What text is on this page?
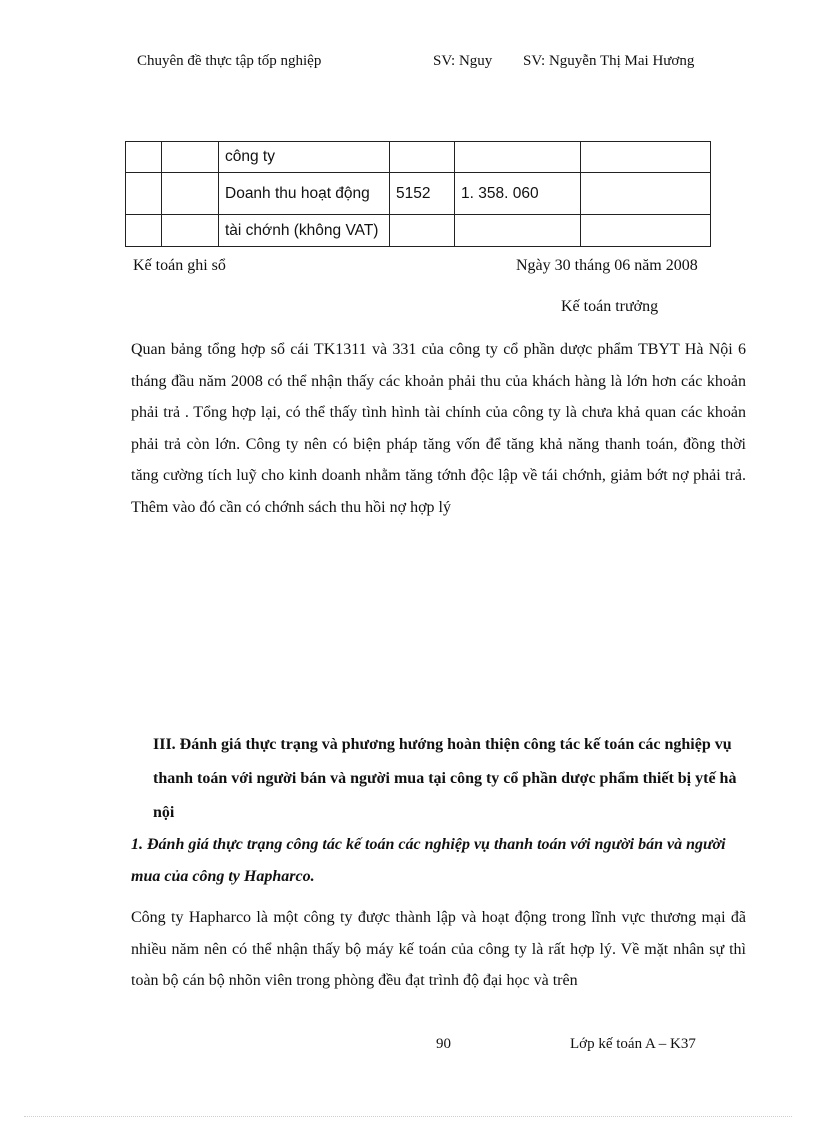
Chuyên đề thực tập tốp nghiệp	SV: Nguy SV: Nguyễn Thị Mai Hương
		công ty			
		Doanh thu hoạt động	5152	1. 358. 060	
		tài chớnh (không VAT)			
Kế toán ghi sổ	Ngày 30 tháng 06 năm 2008
Kế toán trưởng

Quan bảng tổng hợp sổ cái TK1311 và 331 của công ty cổ phần dược phẩm TBYT Hà Nội 6 tháng đầu năm 2008 có thể nhận thấy các khoản phải thu của khách hàng là lớn hơn các khoản phải trả . Tổng hợp lại, có thể thấy tình hình tài chính của công ty là chưa khả quan các khoản phải trả còn lớn. Công ty nên có biện pháp tăng vốn để tăng khả năng thanh toán, đồng thời tăng cường tích luỹ cho kinh doanh nhằm tăng tớnh độc lập về tái chớnh, giảm bớt nợ phải trả. Thêm vào đó cần có chớnh sách thu hồi nợ hợp lý

III. Đánh giá thực trạng và phương hướng hoàn thiện công tác kế toán các nghiệp vụ thanh toán với người bán và người mua tại công ty cổ phần dược phẩm thiết bị ytế hà nội

1. Đánh giá thực trạng công tác kế toán các nghiệp vụ thanh toán với người bán và người mua của công ty Hapharco.

Công ty Hapharco là một công ty được thành lập và hoạt động trong lĩnh vực thương mại đã nhiều năm nên có thể nhận thấy bộ máy kế toán của công ty là rất hợp lý. Về mặt nhân sự thì toàn bộ cán bộ nhõn viên trong phòng đều đạt trình độ đại học và trên

90	Lớp kế toán A – K37
